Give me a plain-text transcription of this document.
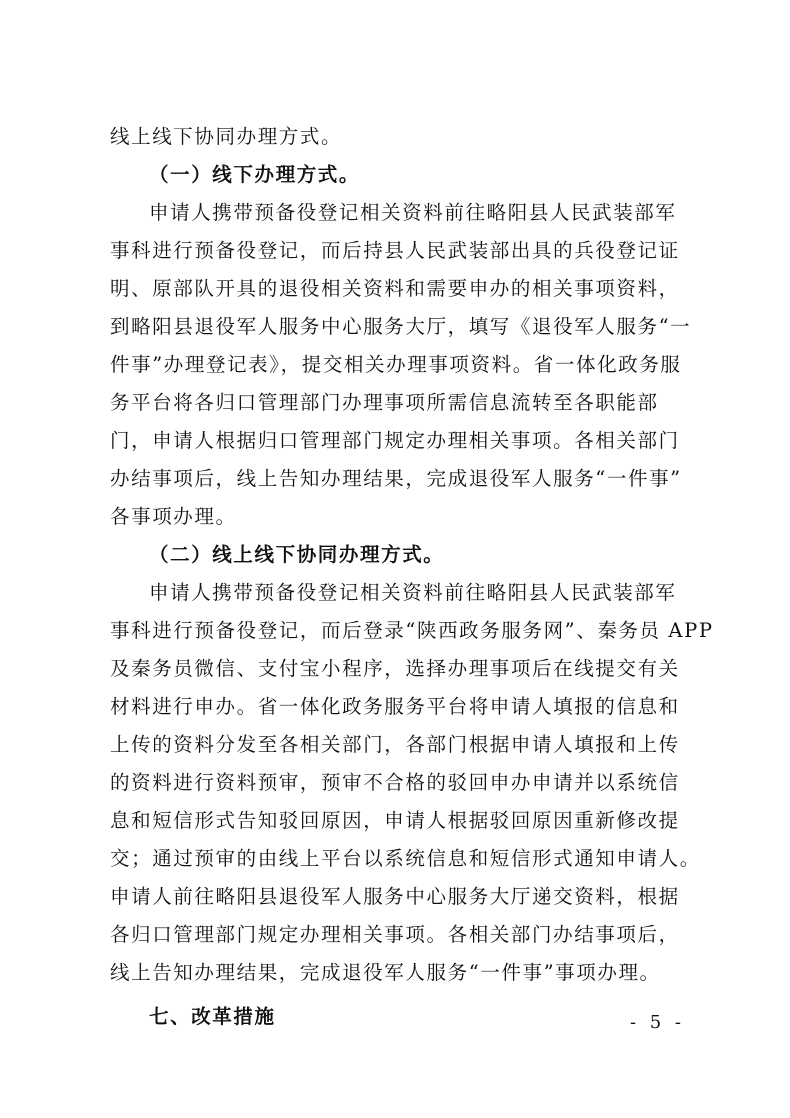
线上线下协同办理方式。
（一）线下办理方式。
申请人携带预备役登记相关资料前往略阳县人民武装部军
事科进行预备役登记，而后持县人民武装部出具的兵役登记证
明、原部队开具的退役相关资料和需要申办的相关事项资料，
到略阳县退役军人服务中心服务大厅，填写《退役军人服务“一
件事”办理登记表》，提交相关办理事项资料。省一体化政务服
务平台将各归口管理部门办理事项所需信息流转至各职能部
门，申请人根据归口管理部门规定办理相关事项。各相关部门
办结事项后，线上告知办理结果，完成退役军人服务“一件事”
各事项办理。
（二）线上线下协同办理方式。
申请人携带预备役登记相关资料前往略阳县人民武装部军
事科进行预备役登记，而后登录“陕西政务服务网”、秦务员 APP
及秦务员微信、支付宝小程序，选择办理事项后在线提交有关
材料进行申办。省一体化政务服务平台将申请人填报的信息和
上传的资料分发至各相关部门，各部门根据申请人填报和上传
的资料进行资料预审，预审不合格的驳回申办申请并以系统信
息和短信形式告知驳回原因，申请人根据驳回原因重新修改提
交；通过预审的由线上平台以系统信息和短信形式通知申请人。
申请人前往略阳县退役军人服务中心服务大厅递交资料，根据
各归口管理部门规定办理相关事项。各相关部门办结事项后，
线上告知办理结果，完成退役军人服务“一件事”事项办理。
七、改革措施	- 5 -
